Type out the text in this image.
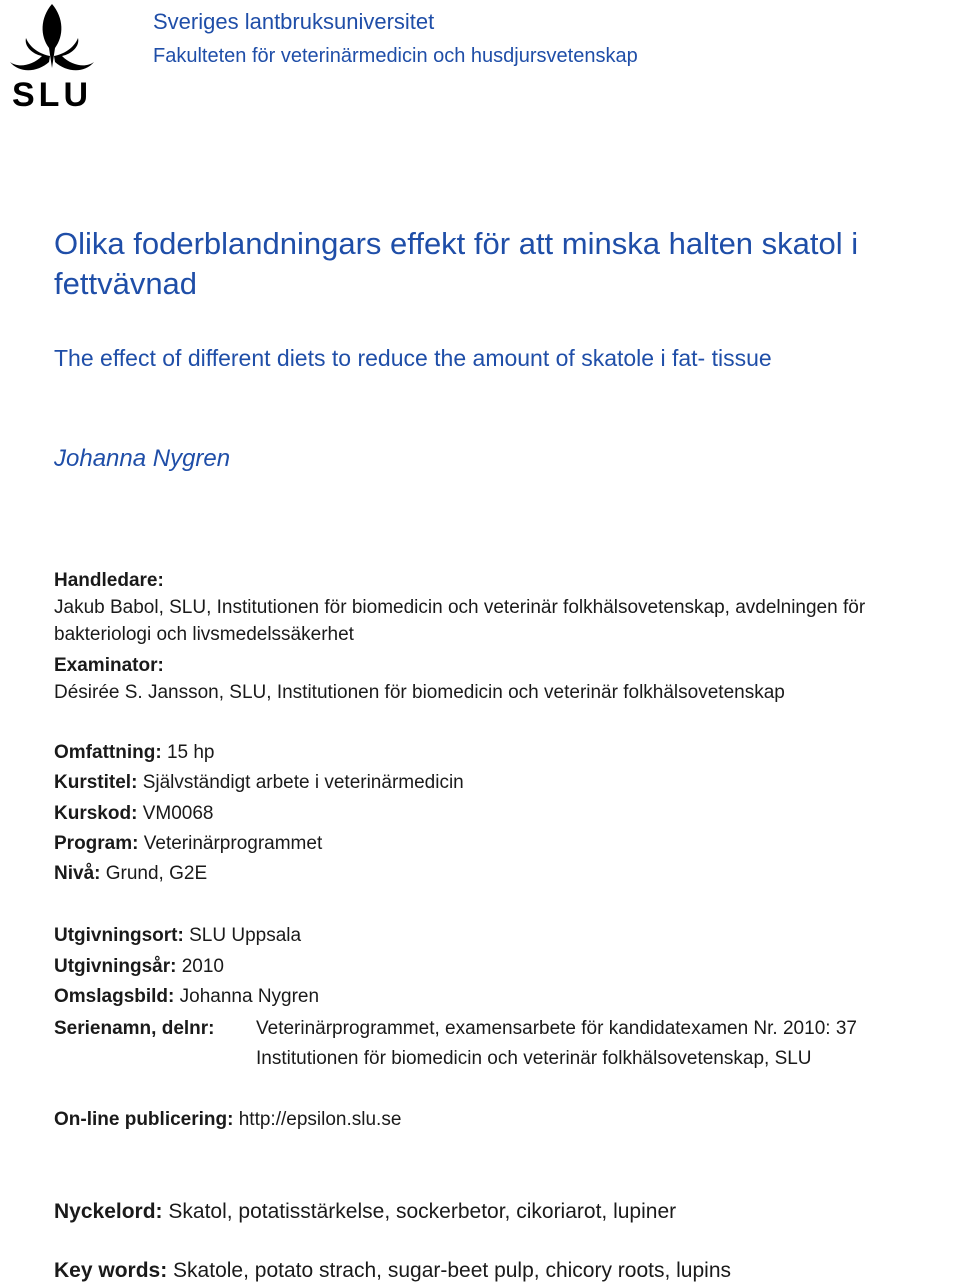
SLU
Sveriges lantbruksuniversitet
Fakulteten för veterinärmedicin och husdjursvetenskap
Olika foderblandningars effekt för att minska halten skatol i fettvävnad
The effect of different diets to reduce the amount of skatole i fat- tissue
Johanna Nygren
Handledare:
Jakub Babol, SLU, Institutionen för biomedicin och veterinär folkhälsovetenskap, avdelningen för bakteriologi och livsmedelssäkerhet
Examinator:
Désirée S. Jansson, SLU, Institutionen för biomedicin och veterinär folkhälsovetenskap
Omfattning: 15 hp
Kurstitel: Självständigt arbete i veterinärmedicin
Kurskod: VM0068
Program: Veterinärprogrammet
Nivå: Grund, G2E
Utgivningsort: SLU Uppsala
Utgivningsår: 2010
Omslagsbild: Johanna Nygren
Serienamn, delnr: Veterinärprogrammet, examensarbete för kandidatexamen Nr. 2010: 37
Institutionen för biomedicin och veterinär folkhälsovetenskap, SLU
On-line publicering: http://epsilon.slu.se
Nyckelord: Skatol, potatisstärkelse, sockerbetor, cikoriarot, lupiner
Key words: Skatole, potato strach, sugar-beet pulp, chicory roots, lupins
